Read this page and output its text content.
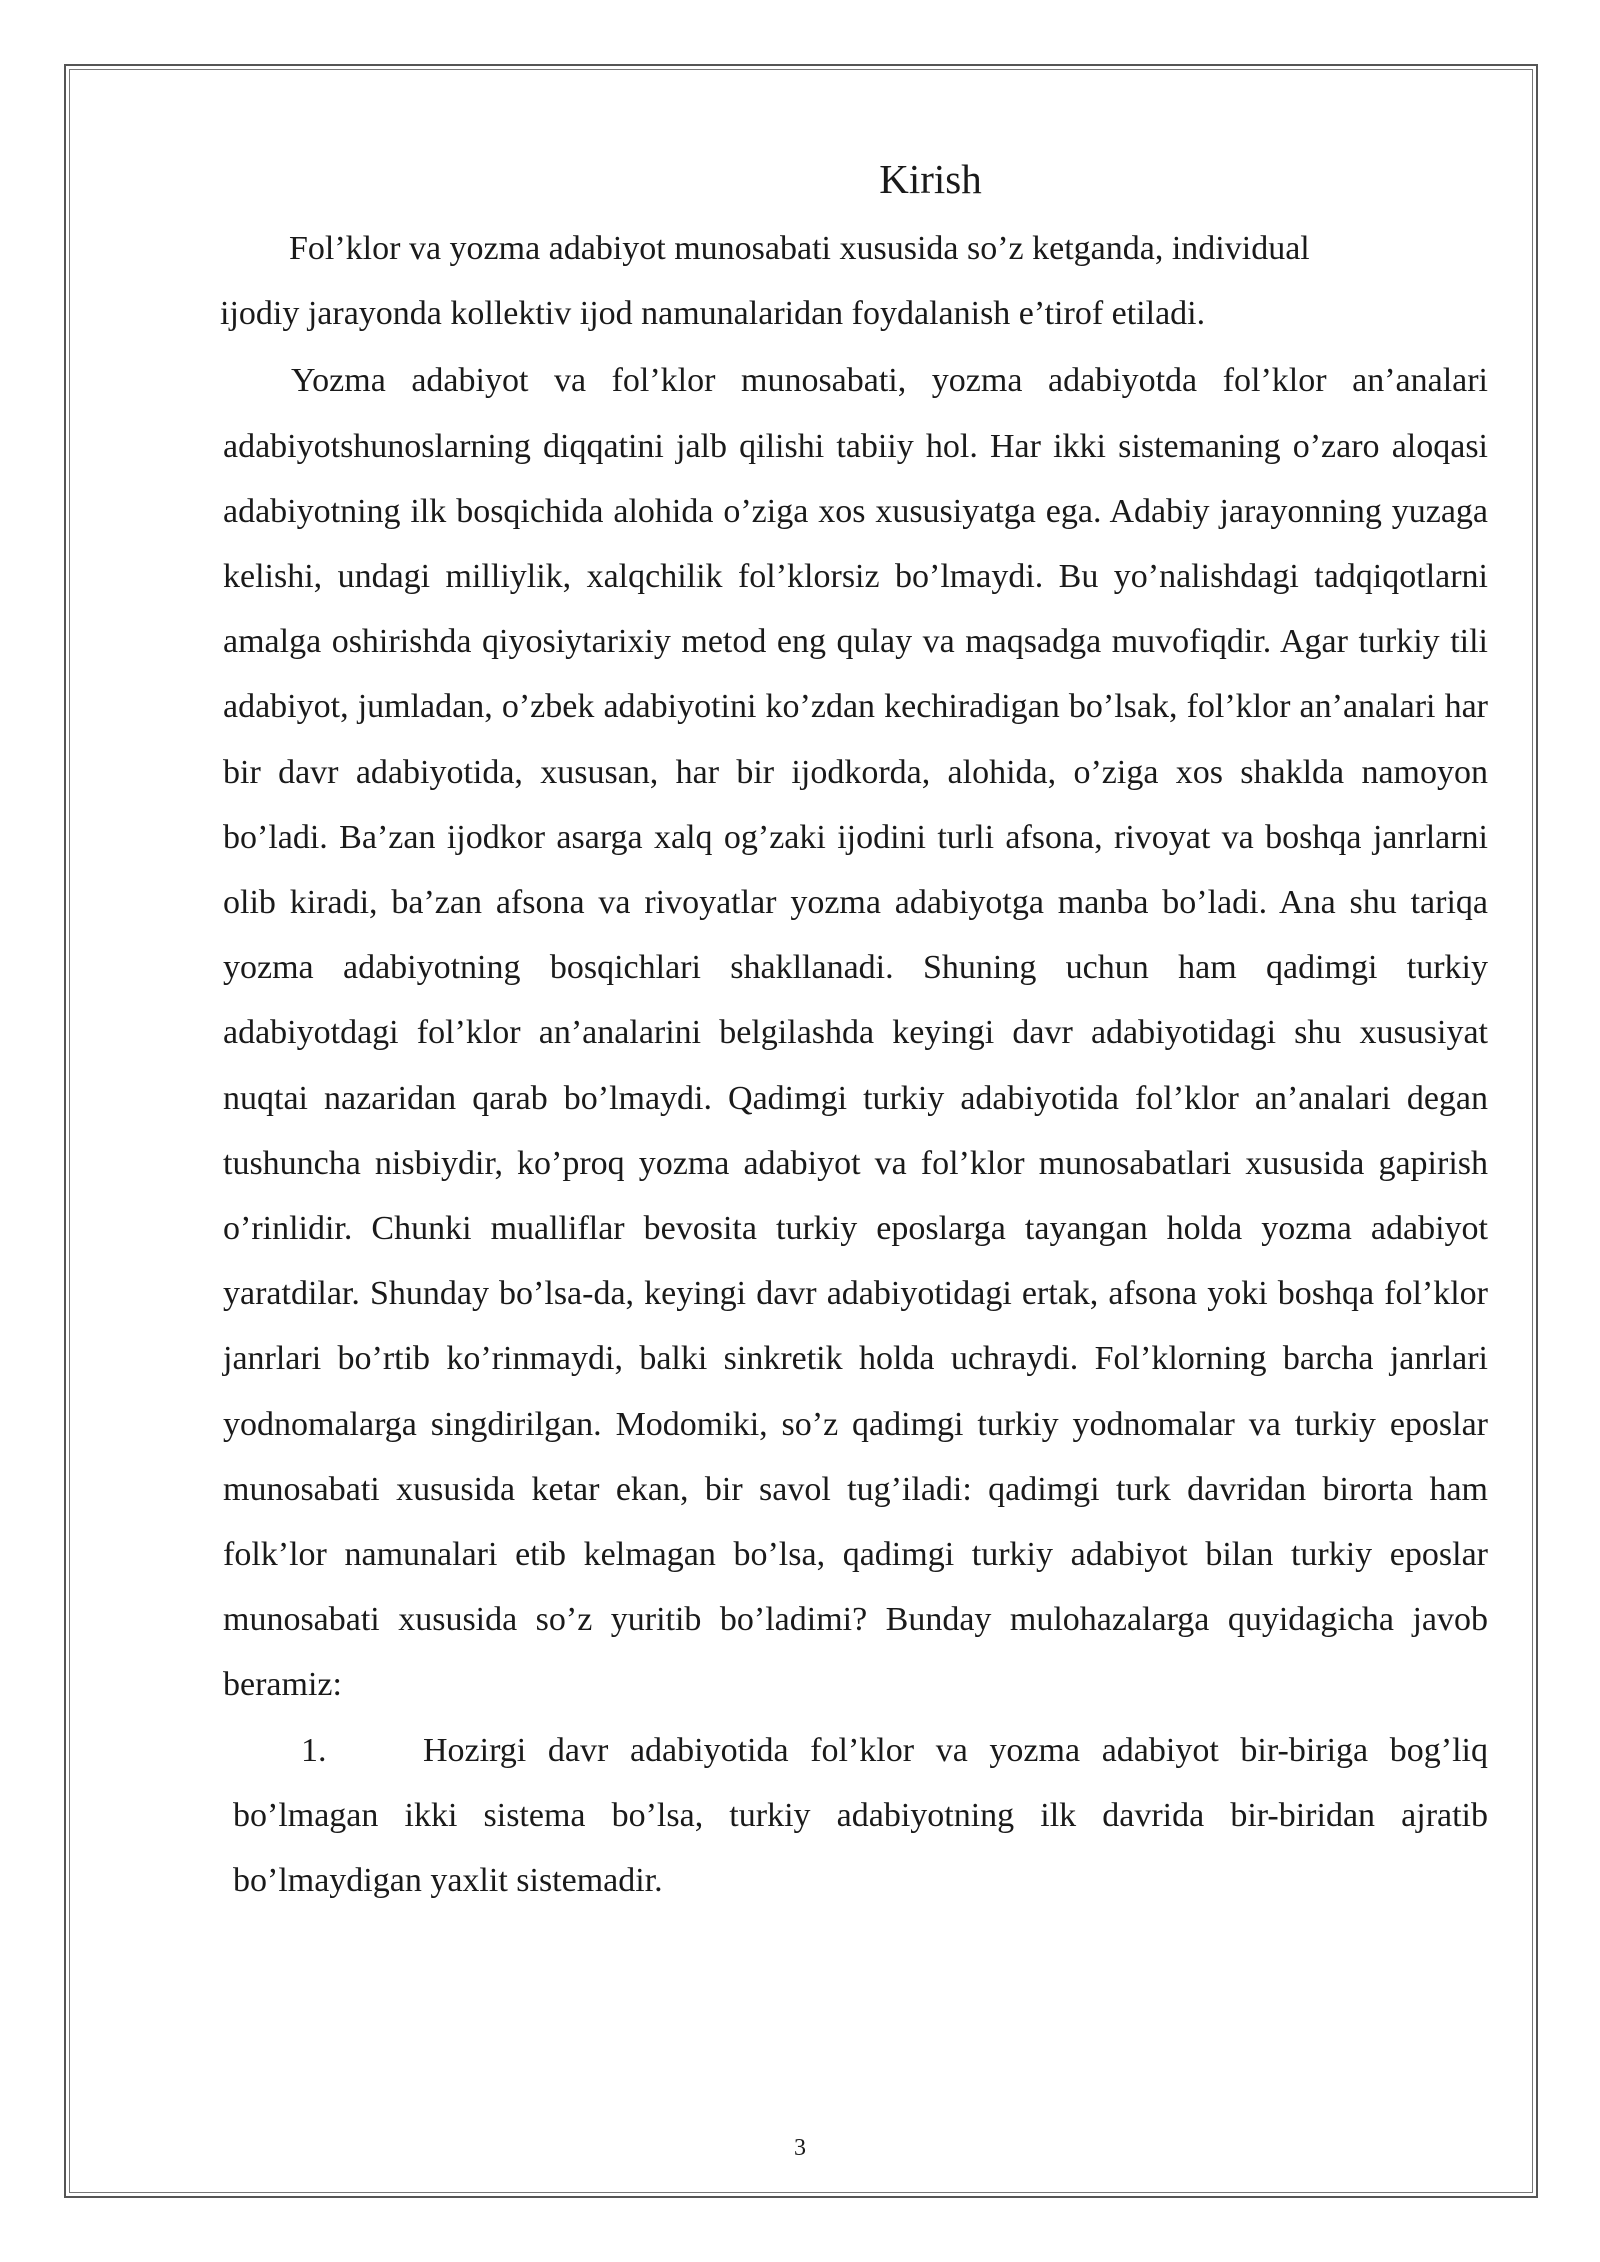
Kirish

Fol’klor va yozma adabiyot munosabati xususida so’z ketganda, individual
ijodiy jarayonda kollektiv ijod namunalaridan foydalanish e’tirof etiladi.

Yozma adabiyot va fol’klor munosabati, yozma adabiyotda fol’klor an’analari adabiyotshunoslarning diqqatini jalb qilishi tabiiy hol. Har ikki sistemaning o’zaro aloqasi adabiyotning ilk bosqichida alohida o’ziga xos xususiyatga ega. Adabiy jarayonning yuzaga kelishi, undagi milliylik, xalqchilik fol’klorsiz bo’lmaydi. Bu yo’nalishdagi tadqiqotlarni amalga oshirishda qiyosiytarixiy metod eng qulay va maqsadga muvofiqdir. Agar turkiy tili adabiyot, jumladan, o’zbek adabiyotini ko’zdan kechiradigan bo’lsak, fol’klor an’analari har bir davr adabiyotida, xususan, har bir ijodkorda, alohida, o’ziga xos shaklda namoyon bo’ladi. Ba’zan ijodkor asarga xalq og’zaki ijodini turli afsona, rivoyat va boshqa janrlarni olib kiradi, ba’zan afsona va rivoyatlar yozma adabiyotga manba bo’ladi. Ana shu tariqa yozma adabiyotning bosqichlari shakllanadi. Shuning uchun ham qadimgi turkiy adabiyotdagi fol’klor an’analarini belgilashda keyingi davr adabiyotidagi shu xususiyat nuqtai nazaridan qarab bo’lmaydi. Qadimgi turkiy adabiyotida fol’klor an’analari degan tushuncha nisbiydir, ko’proq yozma adabiyot va fol’klor munosabatlari xususida gapirish o’rinlidir. Chunki mualliflar bevosita turkiy eposlarga tayangan holda yozma adabiyot yaratdilar. Shunday bo’lsa-da, keyingi davr adabiyotidagi ertak, afsona yoki boshqa fol’klor janrlari bo’rtib ko’rinmaydi, balki sinkretik holda uchraydi. Fol’klorning barcha janrlari yodnomalarga singdirilgan. Modomiki, so’z qadimgi turkiy yodnomalar va turkiy eposlar munosabati xususida ketar ekan, bir savol tug’iladi: qadimgi turk davridan birorta ham folk’lor namunalari etib kelmagan bo’lsa, qadimgi turkiy adabiyot bilan turkiy eposlar munosabati xususida so’z yuritib bo’ladimi? Bunday mulohazalarga quyidagicha javob beramiz:

1.	Hozirgi davr adabiyotida fol’klor va yozma adabiyot bir-biriga bog’liq bo’lmagan ikki sistema bo’lsa, turkiy adabiyotning ilk davrida bir-biridan ajratib bo’lmaydigan yaxlit sistemadir.

3
